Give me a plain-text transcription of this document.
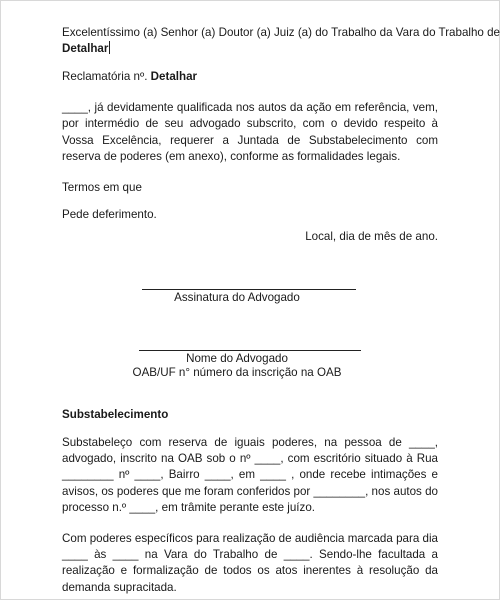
Excelentíssimo (a) Senhor (a) Doutor (a) Juiz (a) do Trabalho da Vara do Trabalho de
Detalhar
Reclamatória nº. Detalhar
____, já devidamente qualificada nos autos da ação em referência, vem, por intermédio de seu advogado subscrito, com o devido respeito à Vossa Excelência, requerer a Juntada de Substabelecimento com reserva de poderes (em anexo), conforme as formalidades legais.
Termos em que
Pede deferimento.
Local, dia de mês de ano.
Assinatura do Advogado
Nome do Advogado
OAB/UF n° número da inscrição na OAB
Substabelecimento
Substabeleço com reserva de iguais poderes, na pessoa de ____, advogado, inscrito na OAB sob o nº ____, com escritório situado à Rua ________ nº ____, Bairro ____, em ____ , onde recebe intimações e avisos, os poderes que me foram conferidos por ________, nos autos do processo n.º ____, em trâmite perante este juízo.
Com poderes específicos para realização de audiência marcada para dia ____ às ____ na Vara do Trabalho de ____. Sendo-lhe facultada a realização e formalização de todos os atos inerentes à resolução da demanda supracitada.
